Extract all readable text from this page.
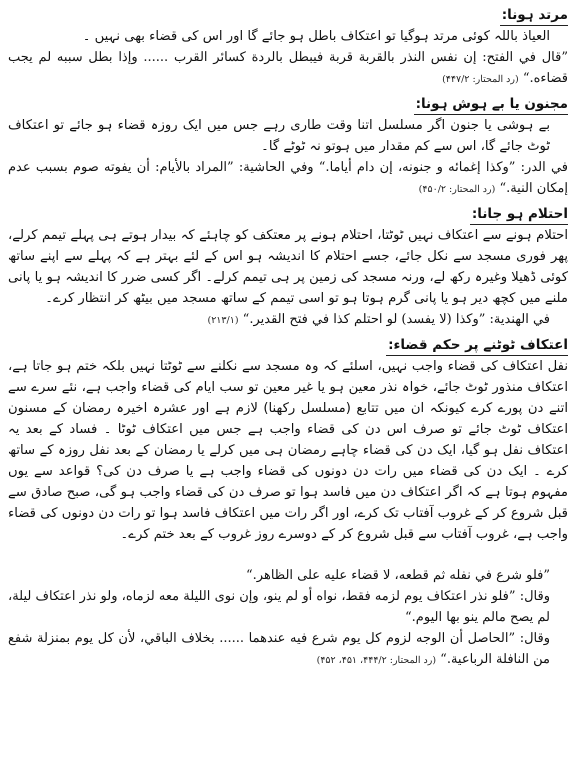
مرتد ہونا:

العیاذ باللہ کوئی مرتد ہوگیا تو اعتکاف باطل ہو جائے گا اور اس کی قضاء بھی نہیں ۔

”قال في الفتح: إن نفس النذر بالقربة قربة فيبطل بالردة كسائر القرب ...... وإذا بطل سببه لم يجب قضاءه.“ (رد المحتار: ۴۴۷/۲)

مجنون یا بے ہوش ہونا:

بے ہوشی یا جنون اگر مسلسل اتنا وقت طاری رہے جس میں ایک روزہ قضاء ہو جائے تو اعتکاف ٹوٹ جائے گا، اس سے کم مقدار میں ہوتو نہ ٹوٹے گا۔

في الدر: ”وكذا إغمائه و جنونه، إن دام أياما.“ وفي الحاشية: ”المراد بالأيام: أن يفوته صوم بسبب عدم إمكان النية.“ (رد المحتار: ۴۵۰/۲)

احتلام ہو جانا:

احتلام ہونے سے اعتکاف نہیں ٹوٹتا، احتلام ہونے پر معتکف کو چاہئے کہ بیدار ہوتے ہی پہلے تیمم کرلے، پھر فوری مسجد سے نکل جائے، جسے احتلام کا اندیشہ ہو اس کے لئے بہتر ہے کہ پہلے سے اپنے ساتھ کوئی ڈھیلا وغیرہ رکھ لے، ورنہ مسجد کی زمین پر ہی تیمم کرلے۔ اگر کسی ضرر کا اندیشہ ہو یا پانی ملنے میں کچھ دیر ہو یا پانی گرم ہوتا ہو تو اسی تیمم کے ساتھ مسجد میں بیٹھ کر انتظار کرے۔

في الهندية: ”وكذا (لا يفسد) لو احتلم كذا في فتح القدير.“ (۲۱۳/۱)

اعتکاف ٹوٹنے پر حکم قضاء:

نفل اعتکاف کی قضاء واجب نہیں، اسلئے کہ وہ مسجد سے نکلنے سے ٹوٹتا نہیں بلکہ ختم ہو جاتا ہے، اعتکاف منذور ٹوٹ جائے، خواہ نذر معین ہو یا غیر معین تو سب ایام کی قضاء واجب ہے، نئے سرے سے اتنے دن پورے کرے کیونکہ ان میں تتابع (مسلسل رکھنا) لازم ہے اور عشرہ اخیرہ رمضان کے مسنون اعتکاف ٹوٹ جائے تو صرف اس دن کی قضاء واجب ہے جس میں اعتکاف ٹوٹا ۔ فساد کے بعد یہ اعتکاف نفل ہو گیا، ایک دن کی قضاء چاہے رمضان ہی میں کرلے یا رمضان کے بعد نفل روزہ کے ساتھ کرے ۔ ایک دن کی قضاء میں رات دن دونوں کی قضاء واجب ہے یا صرف دن کی؟ قواعد سے یوں مفہوم ہوتا ہے کہ اگر اعتکاف دن میں فاسد ہوا تو صرف دن کی قضاء واجب ہو گی، صبح صادق سے قبل شروع کر کے غروب آفتاب تک کرے، اور اگر رات میں اعتکاف فاسد ہوا تو رات دن دونوں کی قضاء واجب ہے، غروب آفتاب سے قبل شروع کر کے دوسرے روز غروب کے بعد ختم کرے۔

”فلو شرع في نفله ثم قطعه، لا قضاء عليه على الظاهر.“

وقال: ”فلو نذر اعتكاف يوم لزمه فقط، نواه أو لم ينو، وإن نوى الليلة معه لزماه، ولو نذر اعتكاف ليلة، لم يصح مالم ينو بها اليوم.“

وقال: ”الحاصل أن الوجه لزوم كل يوم شرع فيه عندهما ...... بخلاف الباقي، لأن كل يوم بمنزلة شفع من النافلة الرباعية.“ (رد المحتار: ۴۴۴/۲، ۴۵۱، ۴۵۲)
